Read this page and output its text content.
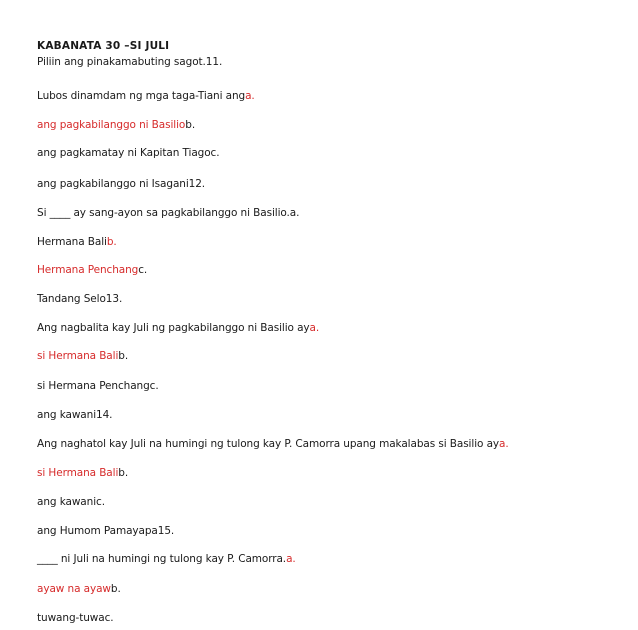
KABANATA 30 –SI JULI
Piliin ang pinakamabuting sagot.11.
Lubos dinamdam ng mga taga-Tiani anga.
ang pagkabilanggo ni Basiliob.
ang pagkamatay ni Kapitan Tiagoc.
ang pagkabilanggo ni Isagani12.
Si ____ ay sang-ayon sa pagkabilanggo ni Basilio.a.
Hermana Balib.
Hermana Penchangc.
Tandang Selo13.
Ang nagbalita kay Juli ng pagkabilanggo ni Basilio aya.
si Hermana Balib.
si Hermana Penchangc.
ang kawani14.
Ang naghatol kay Juli na humingi ng tulong kay P. Camorra upang makalabas si Basilio aya.
si Hermana Balib.
ang kawanic.
ang Humom Pamayapa15.
____ ni Juli na humingi ng tulong kay P. Camorra.a.
ayaw na ayawb.
tuwang-tuwac.
